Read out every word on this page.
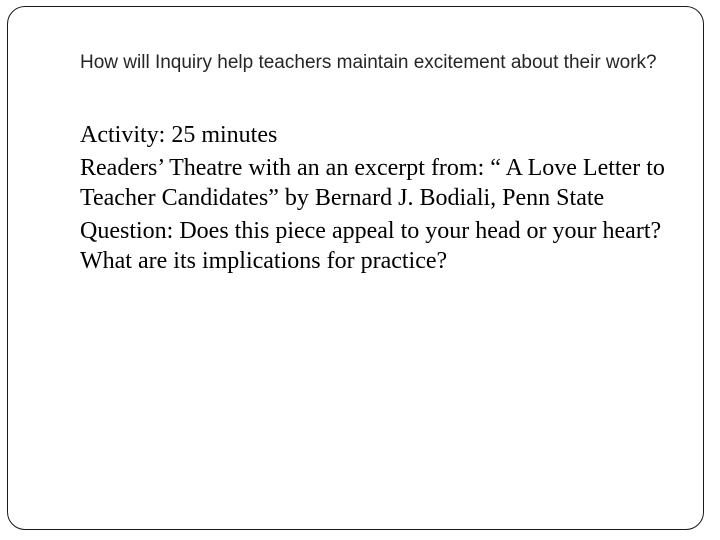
How will Inquiry help teachers maintain excitement about their work?
Activity: 25 minutes
Readers’ Theatre with an an excerpt from: “ A Love Letter to Teacher Candidates” by Bernard J. Bodiali, Penn State
Question: Does this piece appeal to your head or your heart? What are its implications for practice?
